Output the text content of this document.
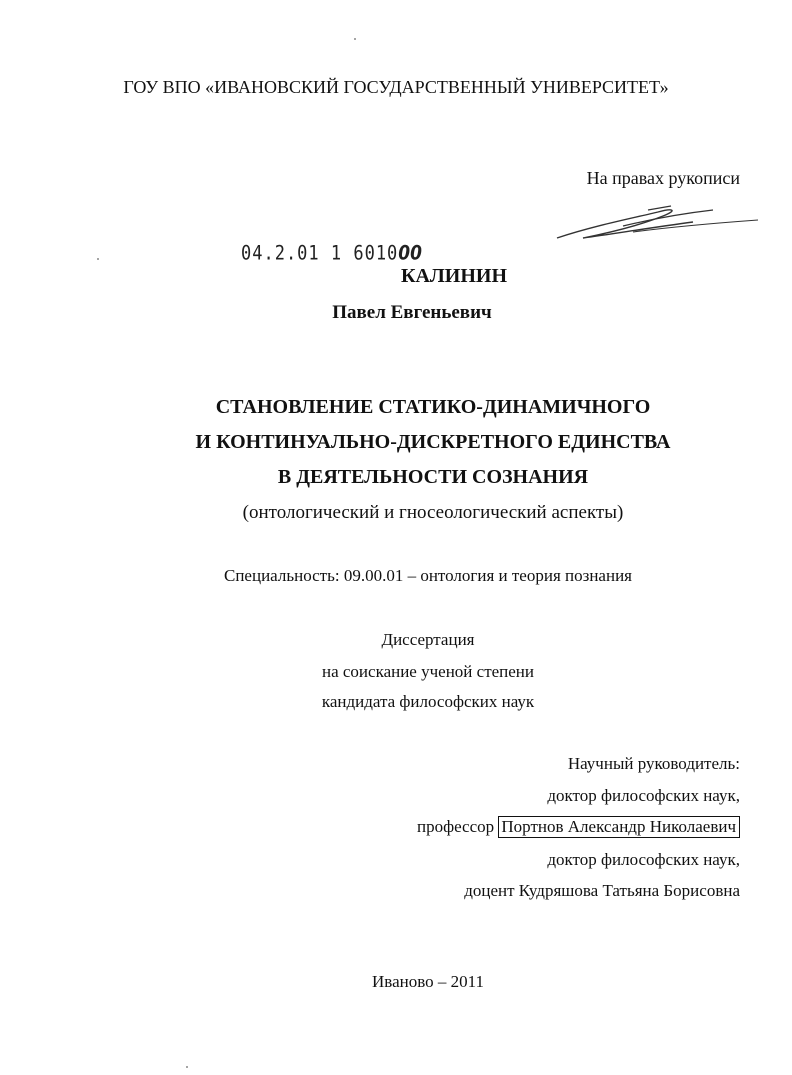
ГОУ ВПО «ИВАНОВСКИЙ ГОСУДАРСТВЕННЫЙ УНИВЕРСИТЕТ»
На правах рукописи
04.2.01 1 601000
КАЛИНИН
Павел Евгеньевич
СТАНОВЛЕНИЕ СТАТИКО-ДИНАМИЧНОГО
И КОНТИНУАЛЬНО-ДИСКРЕТНОГО ЕДИНСТВА
В ДЕЯТЕЛЬНОСТИ СОЗНАНИЯ
(онтологический и гносеологический аспекты)
Специальность: 09.00.01 – онтология и теория познания
Диссертация
на соискание ученой степени
кандидата философских наук
Научный руководитель:
доктор философских наук,
профессор Портнов Александр Николаевич
доктор философских наук,
доцент Кудряшова Татьяна Борисовна
Иваново – 2011
